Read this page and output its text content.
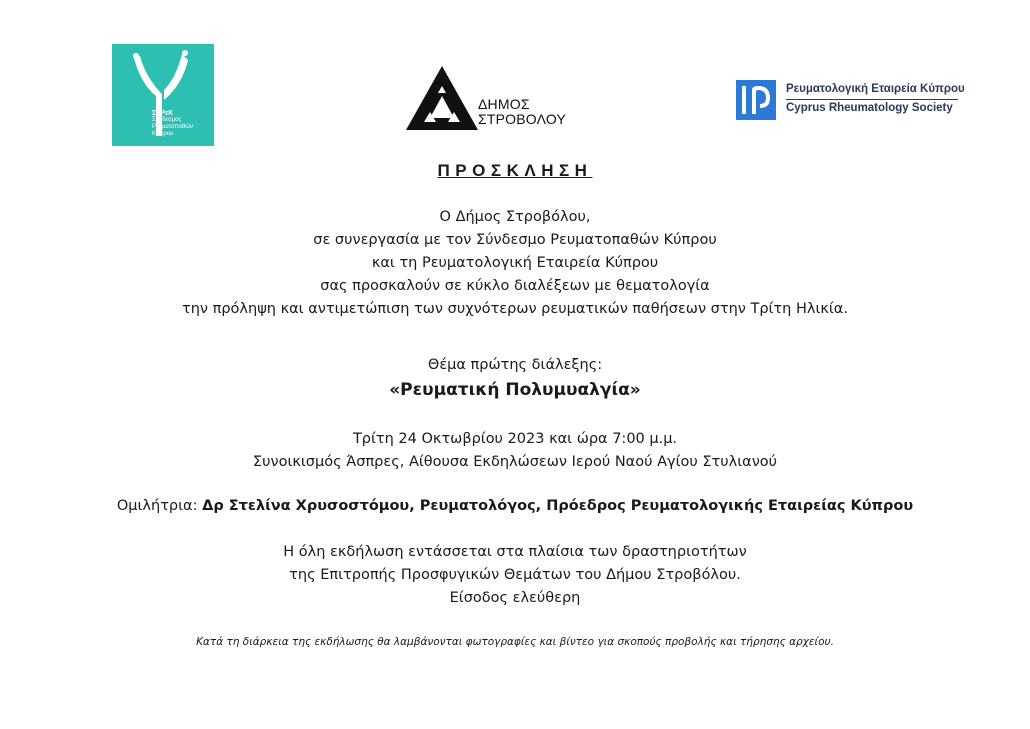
ΣυΡεΚ
Σύνδεσμος
Ρευματοπαθών
Κύπρου
ΔΗΜΟΣ
ΣΤΡΟΒΟΛΟΥ
Ρευματολογική Εταιρεία Κύπρου
Cyprus Rheumatology Society
ΠΡΟΣΚΛΗΣΗ
Ο Δήμος Στροβόλου,
σε συνεργασία με τον Σύνδεσμο Ρευματοπαθών Κύπρου
και τη Ρευματολογική Εταιρεία Κύπρου
σας προσκαλούν σε κύκλο διαλέξεων με θεματολογία
την πρόληψη και αντιμετώπιση των συχνότερων ρευματικών παθήσεων στην Τρίτη Ηλικία.
Θέμα πρώτης διάλεξης:
«Ρευματική Πολυμυαλγία»
Τρίτη 24 Οκτωβρίου 2023 και ώρα 7:00 μ.μ.
Συνοικισμός Άσπρες, Αίθουσα Εκδηλώσεων Ιερού Ναού Αγίου Στυλιανού
Ομιλήτρια: Δρ Στελίνα Χρυσοστόμου, Ρευματολόγος, Πρόεδρος Ρευματολογικής Εταιρείας Κύπρου
Η όλη εκδήλωση εντάσσεται στα πλαίσια των δραστηριοτήτων
της Επιτροπής Προσφυγικών Θεμάτων του Δήμου Στροβόλου.
Είσοδος ελεύθερη
Κατά τη διάρκεια της εκδήλωσης θα λαμβάνονται φωτογραφίες και βίντεο για σκοπούς προβολής και τήρησης αρχείου.
